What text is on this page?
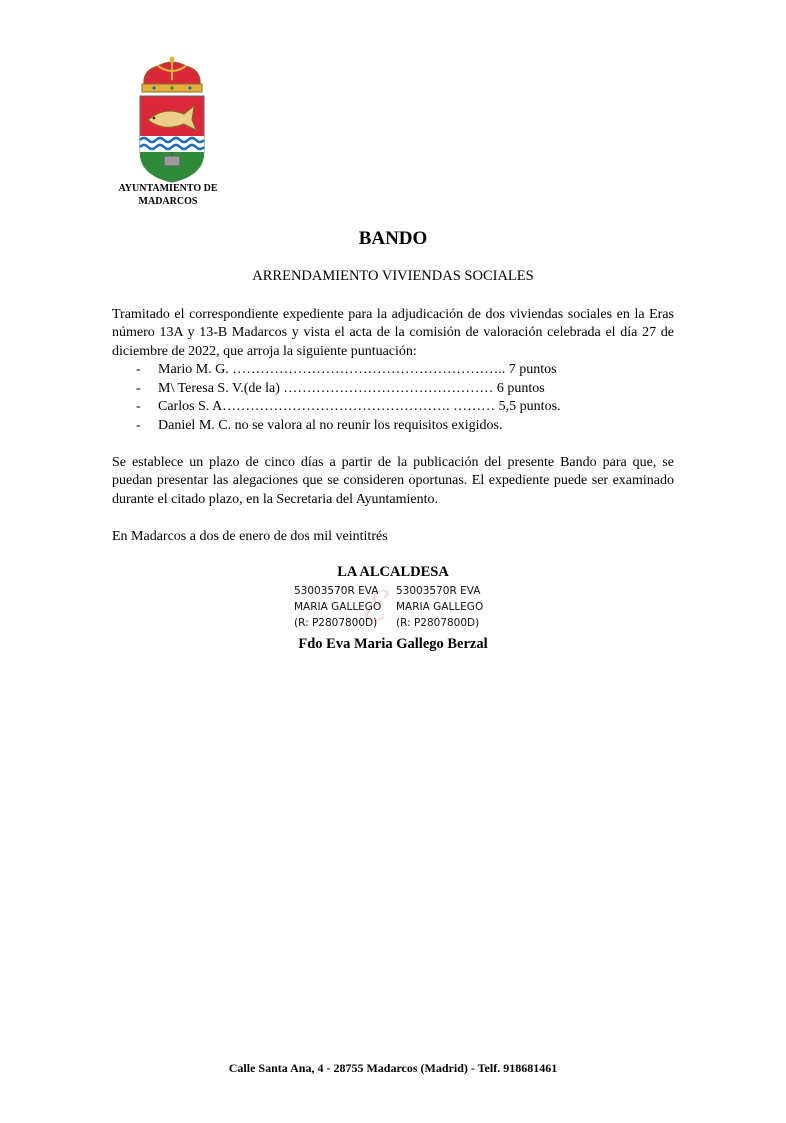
AYUNTAMIENTO DE
MADARCOS
BANDO
ARRENDAMIENTO VIVIENDAS SOCIALES
Tramitado el correspondiente expediente para la adjudicación de dos viviendas sociales en la Eras número 13A y 13-B Madarcos y vista el acta de la comisión de valoración celebrada el día 27 de diciembre de 2022, que arroja la siguiente puntuación:
- Mario M. G. ………………………………………………….. 7 puntos
- M\ Teresa S. V.(de la) ……………………………………… 6 puntos
- Carlos S. A…………………………………………. ……… 5,5 puntos.
- Daniel M. C. no se valora al no reunir los requisitos exigidos.
Se establece un plazo de cinco días a partir de la publicación del presente Bando para que, se puedan presentar las alegaciones que se consideren oportunas. El expediente puede ser examinado durante el citado plazo, en la Secretaria del Ayuntamiento.
En Madarcos a dos de enero de dos mil veintitrés
LA ALCALDESA
ℰ
53003570R EVA
MARIA GALLEGO
(R: P2807800D)
53003570R EVA
MARIA GALLEGO
(R: P2807800D)
Fdo Eva Maria Gallego Berzal
Calle Santa Ana, 4 - 28755 Madarcos (Madrid) - Telf. 918681461
